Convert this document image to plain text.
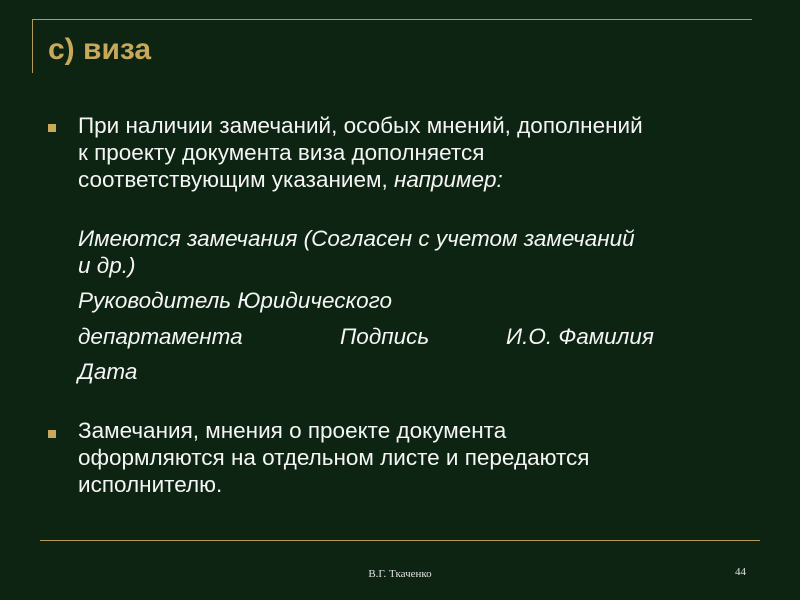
с) виза
При наличии замечаний, особых мнений, дополнений
к проекту документа виза дополняется
соответствующим указанием, например:
Имеются замечания (Согласен с учетом замечаний
и др.)
Руководитель Юридического
департамента	Подпись	И.О. Фамилия
Дата
Замечания, мнения о проекте документа
оформляются на отдельном листе и передаются
исполнителю.
В.Г. Ткаченко	44
